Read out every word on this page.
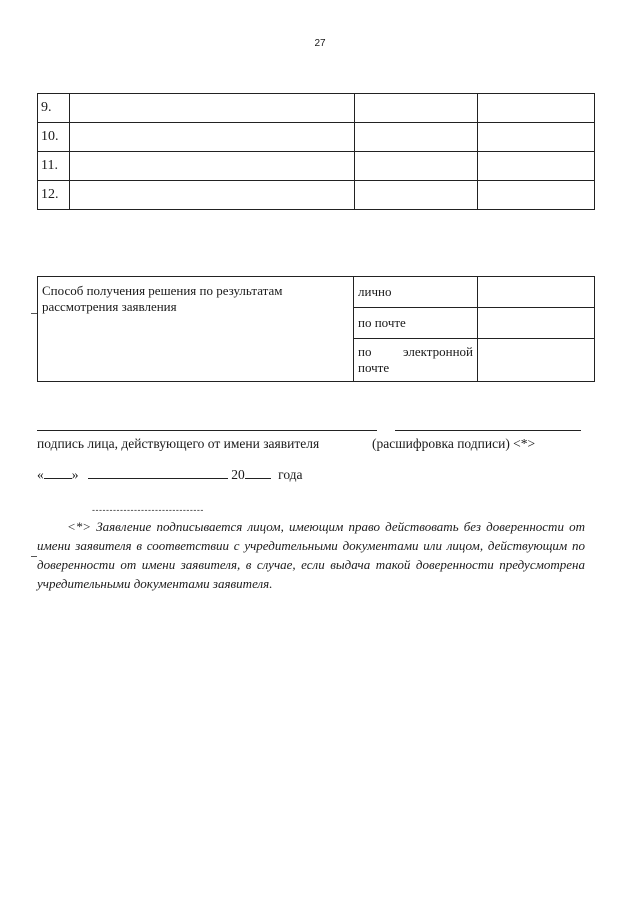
27
9.			
10.			
11.			
12.			
Способ получения решения по результатам рассмотрения заявления	лично	
	по почте	

	по электронной
почте	

подпись лица, действующего от имени заявителя	(расшифровка подписи) <*>
« »	20 года
--------------------------------
<*> Заявление подписывается лицом, имеющим право действовать без доверенности от имени заявителя в соответствии с учредительными документами или лицом, действующим по доверенности от имени заявителя, в случае, если выдача такой доверенности предусмотрена учредительными документами заявителя.
